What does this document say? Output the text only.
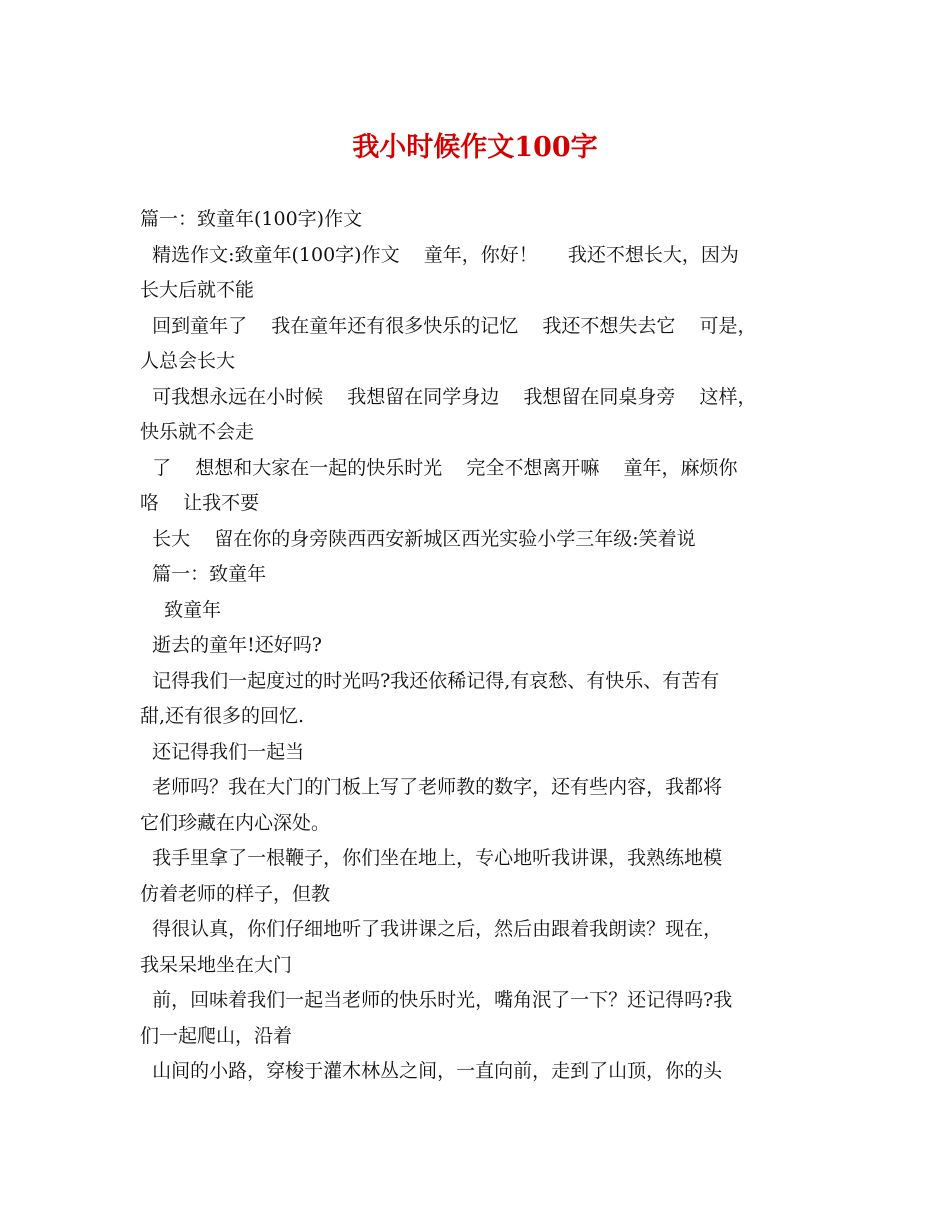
我小时候作文100字
篇一：致童年(100字)作文
精选作文:致童年(100字)作文    童年，你好！     我还不想长大，因为
长大后就不能
回到童年了    我在童年还有很多快乐的记忆    我还不想失去它    可是，
人总会长大
可我想永远在小时候    我想留在同学身边    我想留在同桌身旁    这样，
快乐就不会走
了    想想和大家在一起的快乐时光    完全不想离开嘛    童年，麻烦你
咯    让我不要
长大    留在你的身旁陕西西安新城区西光实验小学三年级:笑着说
篇一：致童年
致童年
逝去的童年!还好吗?
记得我们一起度过的时光吗?我还依稀记得,有哀愁、有快乐、有苦有
甜,还有很多的回忆.
还记得我们一起当
老师吗？我在大门的门板上写了老师教的数字，还有些内容，我都将
它们珍藏在内心深处。
我手里拿了一根鞭子，你们坐在地上，专心地听我讲课，我熟练地模
仿着老师的样子，但教
得很认真，你们仔细地听了我讲课之后，然后由跟着我朗读？现在，
我呆呆地坐在大门
前，回味着我们一起当老师的快乐时光，嘴角泯了一下？还记得吗?我
们一起爬山，沿着
山间的小路，穿梭于灌木林丛之间，一直向前，走到了山顶，你的头
